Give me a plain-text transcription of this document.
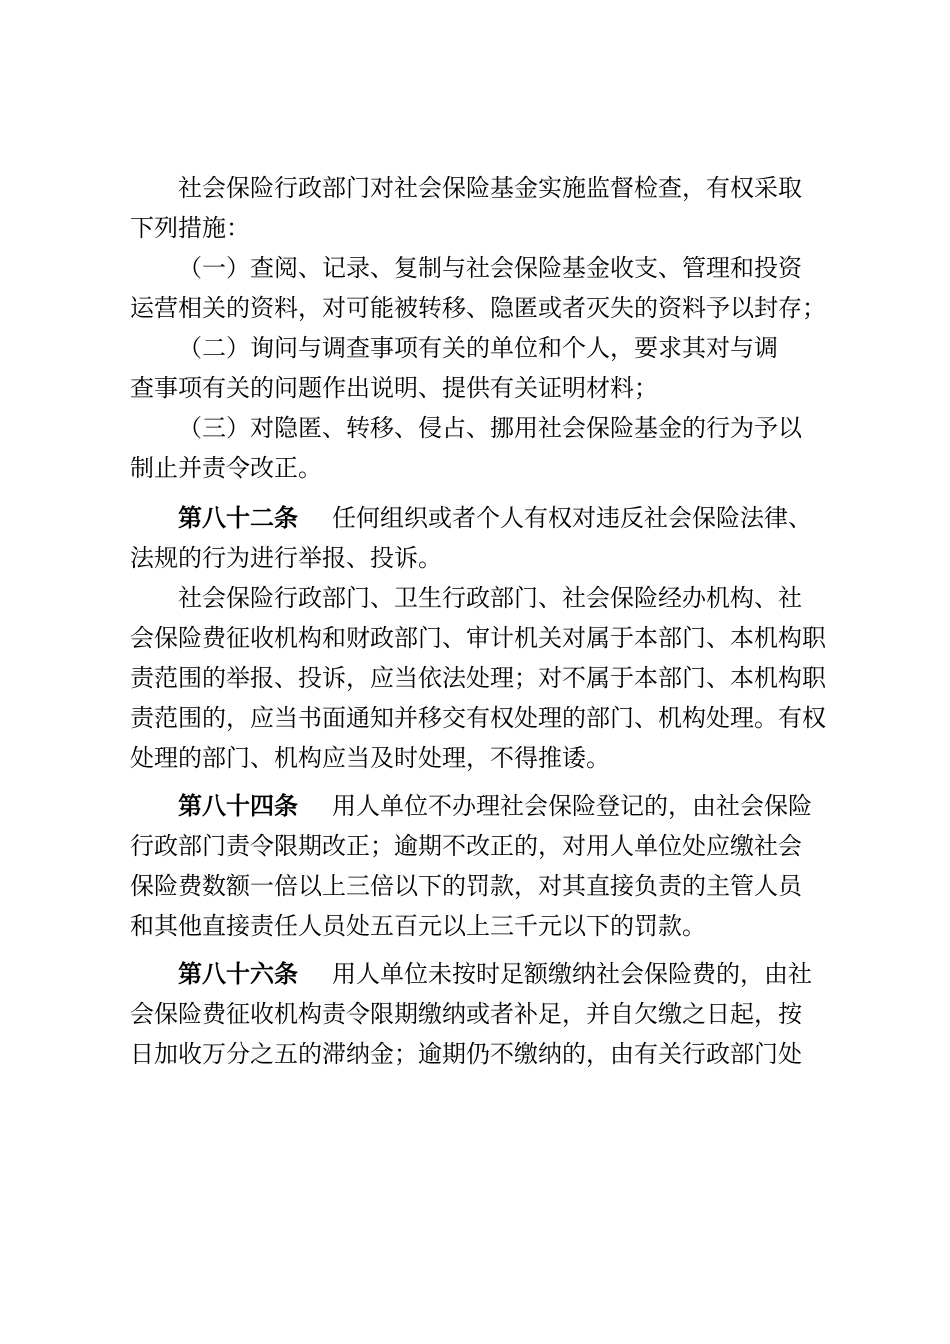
社会保险行政部门对社会保险基金实施监督检查，有权采取
下列措施：
（一）查阅、记录、复制与社会保险基金收支、管理和投资
运营相关的资料，对可能被转移、隐匿或者灭失的资料予以封存；
（二）询问与调查事项有关的单位和个人，要求其对与调
查事项有关的问题作出说明、提供有关证明材料；
（三）对隐匿、转移、侵占、挪用社会保险基金的行为予以
制止并责令改正。
第八十二条 任何组织或者个人有权对违反社会保险法律、
法规的行为进行举报、投诉。
社会保险行政部门、卫生行政部门、社会保险经办机构、社
会保险费征收机构和财政部门、审计机关对属于本部门、本机构职
责范围的举报、投诉，应当依法处理；对不属于本部门、本机构职
责范围的，应当书面通知并移交有权处理的部门、机构处理。有权
处理的部门、机构应当及时处理，不得推诿。
第八十四条 用人单位不办理社会保险登记的，由社会保险
行政部门责令限期改正；逾期不改正的，对用人单位处应缴社会
保险费数额一倍以上三倍以下的罚款，对其直接负责的主管人员
和其他直接责任人员处五百元以上三千元以下的罚款。
第八十六条 用人单位未按时足额缴纳社会保险费的，由社
会保险费征收机构责令限期缴纳或者补足，并自欠缴之日起，按
日加收万分之五的滞纳金；逾期仍不缴纳的，由有关行政部门处
